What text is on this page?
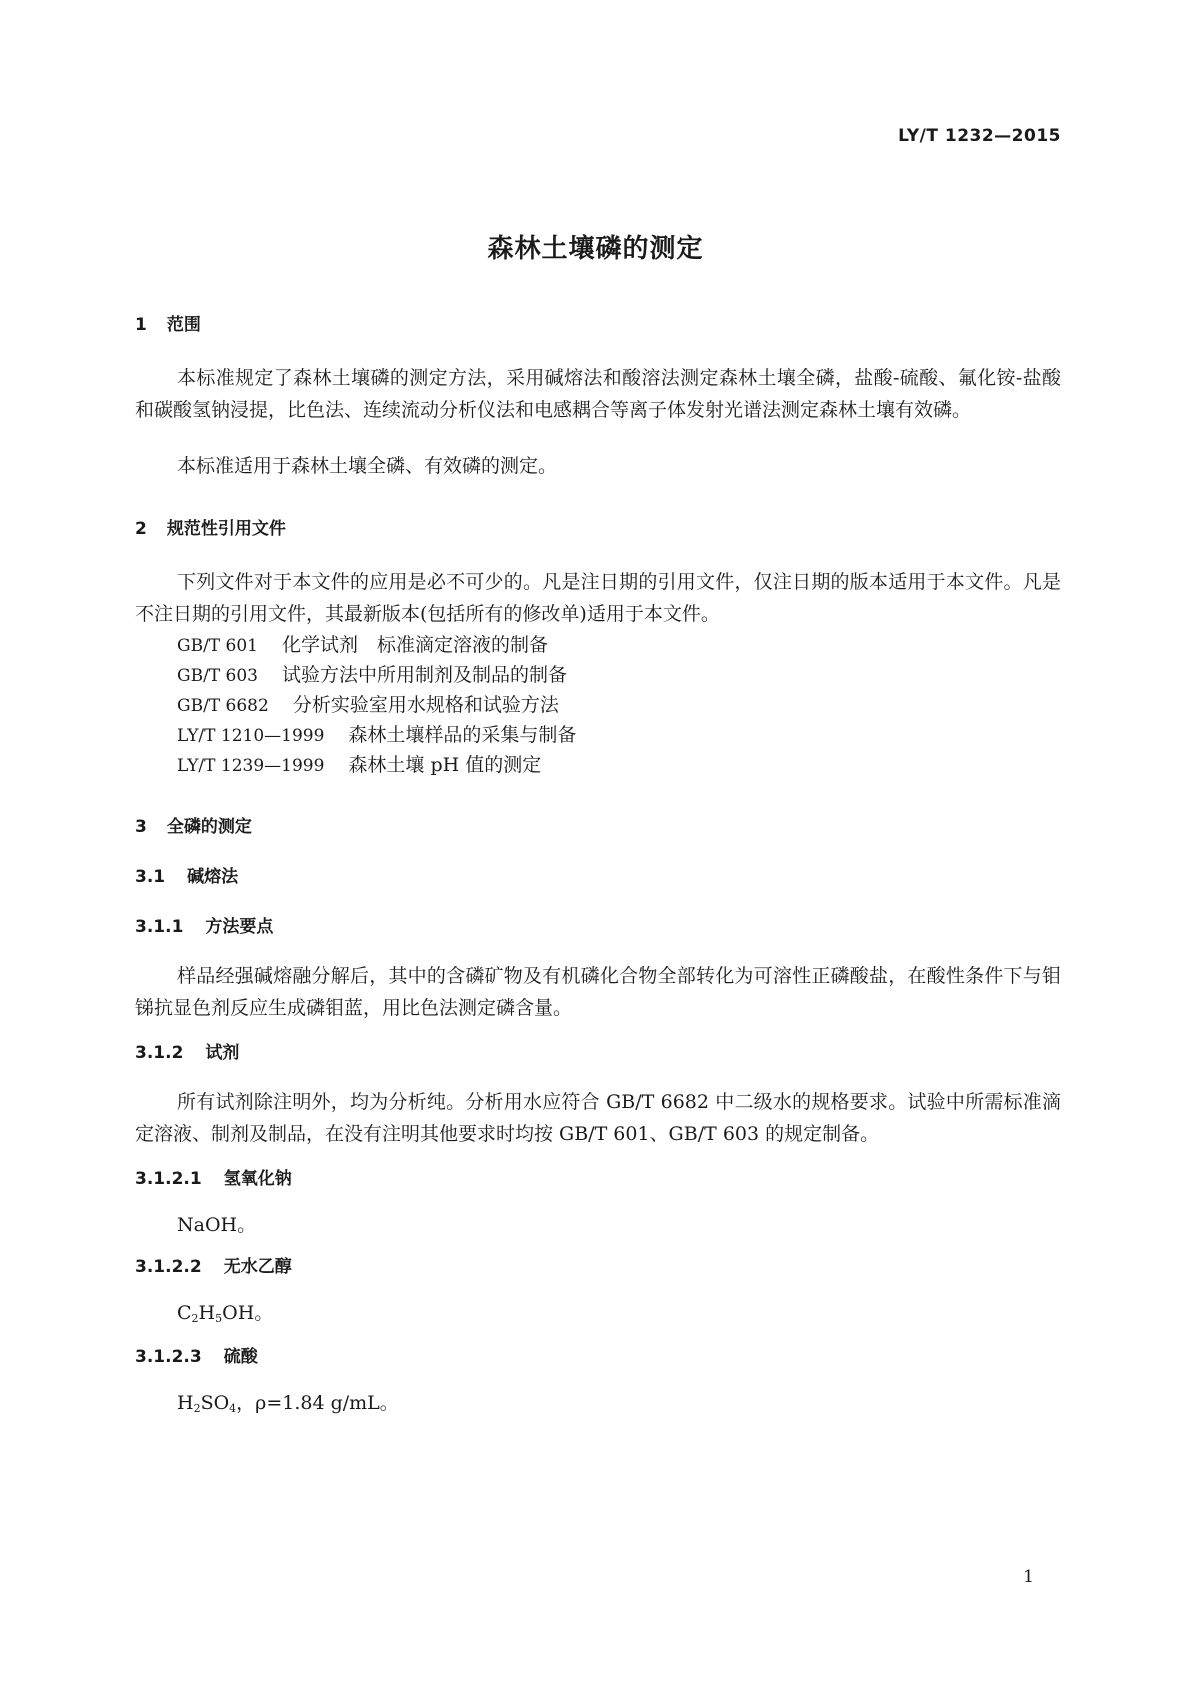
LY/T 1232—2015
森林土壤磷的测定
1 范围
本标准规定了森林土壤磷的测定方法，采用碱熔法和酸溶法测定森林土壤全磷，盐酸-硫酸、氟化铵-盐酸和碳酸氢钠浸提，比色法、连续流动分析仪法和电感耦合等离子体发射光谱法测定森林土壤有效磷。
本标准适用于森林土壤全磷、有效磷的测定。
2 规范性引用文件
下列文件对于本文件的应用是必不可少的。凡是注日期的引用文件，仅注日期的版本适用于本文件。凡是不注日期的引用文件，其最新版本(包括所有的修改单)适用于本文件。
GB/T 601 化学试剂　标准滴定溶液的制备
GB/T 603 试验方法中所用制剂及制品的制备
GB/T 6682 分析实验室用水规格和试验方法
LY/T 1210—1999 森林土壤样品的采集与制备
LY/T 1239—1999 森林土壤 pH 值的测定
3 全磷的测定
3.1 碱熔法
3.1.1 方法要点
样品经强碱熔融分解后，其中的含磷矿物及有机磷化合物全部转化为可溶性正磷酸盐，在酸性条件下与钼锑抗显色剂反应生成磷钼蓝，用比色法测定磷含量。
3.1.2 试剂
所有试剂除注明外，均为分析纯。分析用水应符合 GB/T 6682 中二级水的规格要求。试验中所需标准滴定溶液、制剂及制品，在没有注明其他要求时均按 GB/T 601、GB/T 603 的规定制备。
3.1.2.1 氢氧化钠
NaOH。
3.1.2.2 无水乙醇
$C_2H_5OH$。
3.1.2.3 硫酸
$H_2SO_4$，ρ=1.84 g/mL。
1
